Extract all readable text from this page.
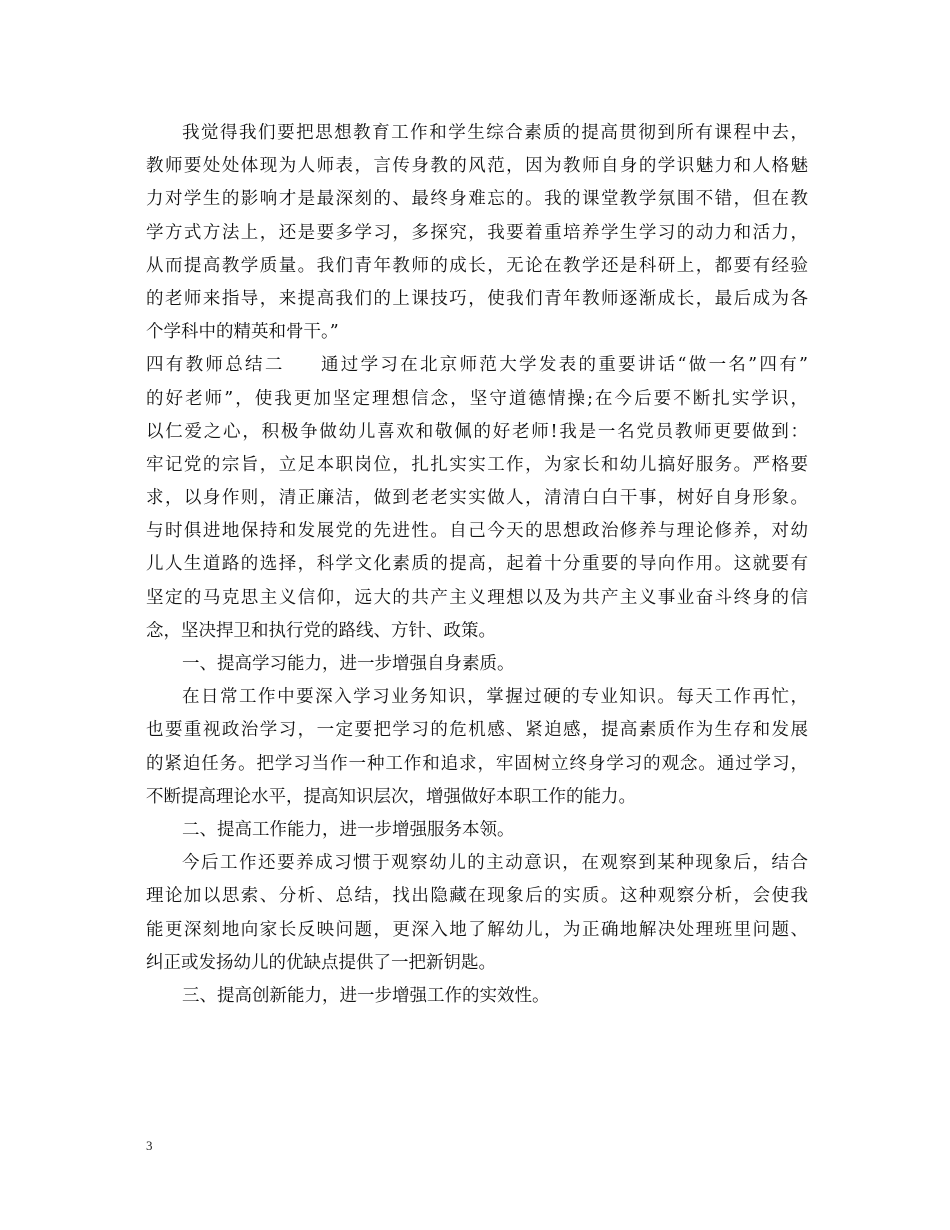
我觉得我们要把思想教育工作和学生综合素质的提高贯彻到所有课程中去，
教师要处处体现为人师表，言传身教的风范，因为教师自身的学识魅力和人格魅
力对学生的影响才是最深刻的、最终身难忘的。我的课堂教学氛围不错，但在教
学方式方法上，还是要多学习，多探究，我要着重培养学生学习的动力和活力，
从而提高教学质量。我们青年教师的成长，无论在教学还是科研上，都要有经验
的老师来指导，来提高我们的上课技巧，使我们青年教师逐渐成长，最后成为各
个学科中的精英和骨干。”
四有教师总结二 通过学习在北京师范大学发表的重要讲话“做一名”四有”
的好老师”，使我更加坚定理想信念，坚守道德情操;在今后要不断扎实学识，
以仁爱之心，积极争做幼儿喜欢和敬佩的好老师!我是一名党员教师更要做到：
牢记党的宗旨，立足本职岗位，扎扎实实工作，为家长和幼儿搞好服务。严格要
求，以身作则，清正廉洁，做到老老实实做人，清清白白干事，树好自身形象。
与时俱进地保持和发展党的先进性。自己今天的思想政治修养与理论修养，对幼
儿人生道路的选择，科学文化素质的提高，起着十分重要的导向作用。这就要有
坚定的马克思主义信仰，远大的共产主义理想以及为共产主义事业奋斗终身的信
念，坚决捍卫和执行党的路线、方针、政策。
一、提高学习能力，进一步增强自身素质。
在日常工作中要深入学习业务知识，掌握过硬的专业知识。每天工作再忙，
也要重视政治学习，一定要把学习的危机感、紧迫感，提高素质作为生存和发展
的紧迫任务。把学习当作一种工作和追求，牢固树立终身学习的观念。通过学习，
不断提高理论水平，提高知识层次，增强做好本职工作的能力。
二、提高工作能力，进一步增强服务本领。
今后工作还要养成习惯于观察幼儿的主动意识，在观察到某种现象后，结合
理论加以思索、分析、总结，找出隐藏在现象后的实质。这种观察分析，会使我
能更深刻地向家长反映问题，更深入地了解幼儿，为正确地解决处理班里问题、
纠正或发扬幼儿的优缺点提供了一把新钥匙。
三、提高创新能力，进一步增强工作的实效性。
3
